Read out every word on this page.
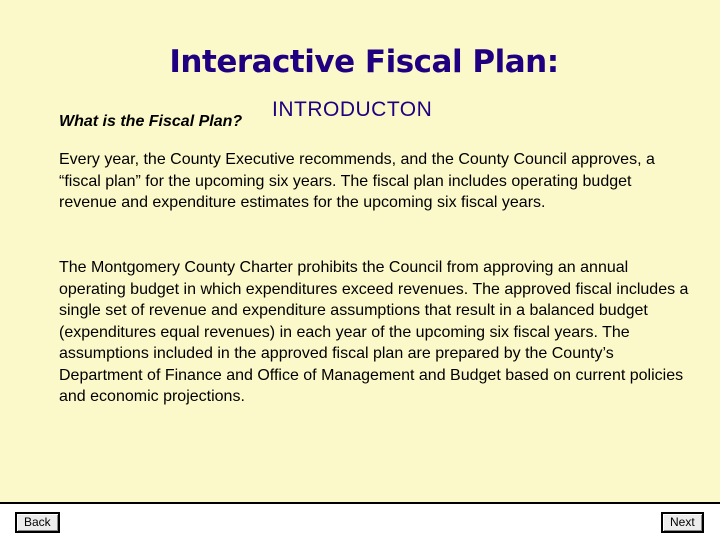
Interactive Fiscal Plan:
What is the Fiscal Plan?
INTRODUCTON

Every year, the County Executive recommends, and the County Council approves, a “fiscal plan” for the upcoming six years. The fiscal plan includes operating budget revenue and expenditure estimates for the upcoming six fiscal years.

The Montgomery County Charter prohibits the Council from approving an annual operating budget in which expenditures exceed revenues. The approved fiscal includes a single set of revenue and expenditure assumptions that result in a balanced budget (expenditures equal revenues) in each year of the upcoming six fiscal years. The assumptions included in the approved fiscal plan are prepared by the County’s Department of Finance and Office of Management and Budget based on current policies and economic projections.

Back	Next
